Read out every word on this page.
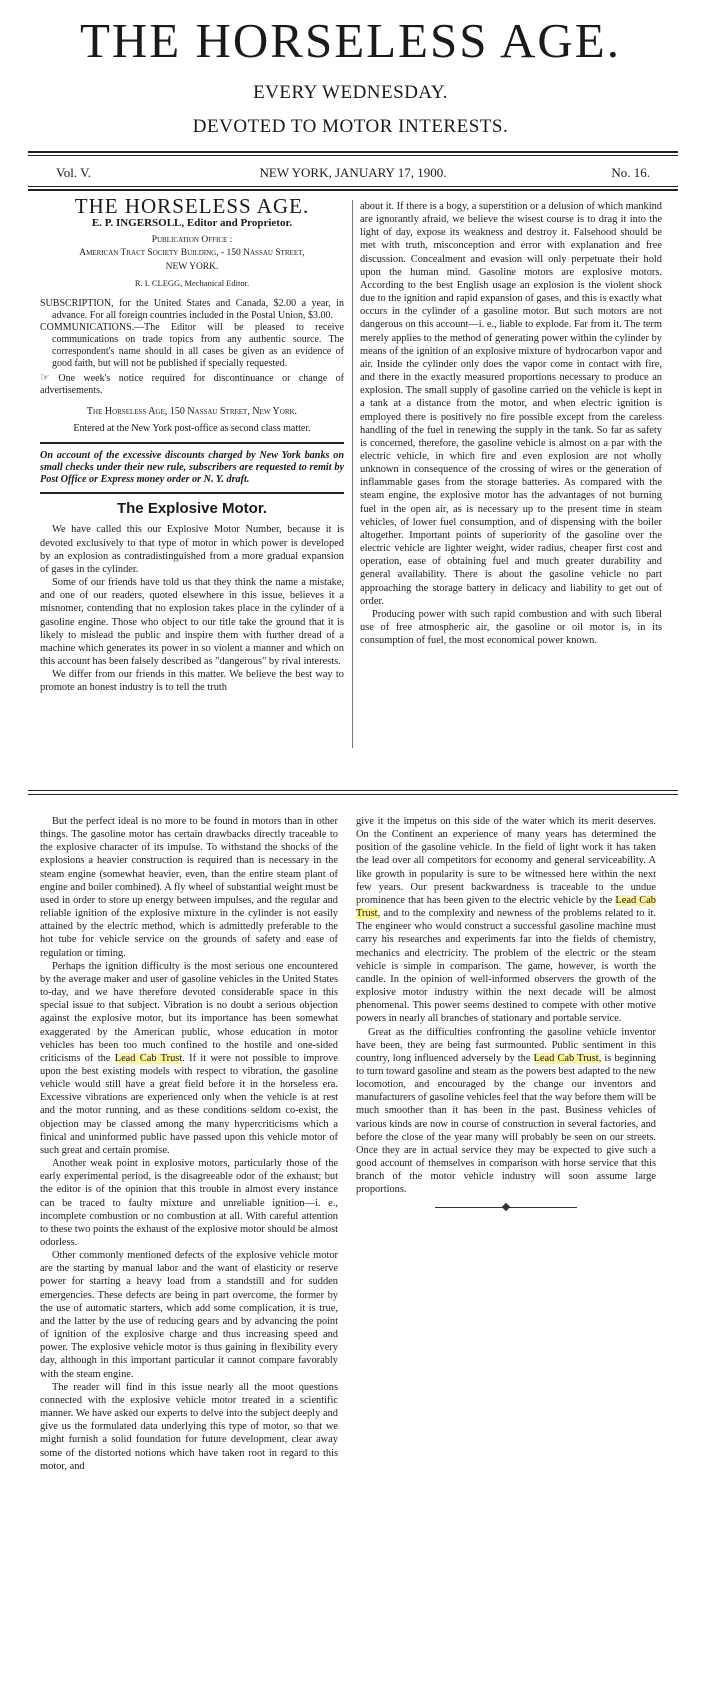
THE HORSELESS AGE.
EVERY WEDNESDAY.
DEVOTED TO MOTOR INTERESTS.
Vol. V.	NEW YORK, JANUARY 17, 1900.	No. 16.
THE HORSELESS AGE.
E. P. INGERSOLL, Editor and Proprietor.
Publication Office :
American Tract Society Building, - 150 Nassau Street,
NEW YORK.
R. I. CLEGG, Mechanical Editor.
SUBSCRIPTION, for the United States and Canada, $2.00 a year, in advance. For all foreign countries included in the Postal Union, $3.00.
COMMUNICATIONS.—The Editor will be pleased to receive communications on trade topics from any authentic source. The correspondent's name should in all cases be given as an evidence of good faith, but will not be published if specially requested.
☞ One week's notice required for discontinuance or change of advertisements.
The Horseless Age, 150 Nassau Street, New York.
Entered at the New York post-office as second class matter.
On account of the excessive discounts charged by New York banks on small checks under their new rule, subscribers are requested to remit by Post Office or Express money order or N. Y. draft.
The Explosive Motor.

We have called this our Explosive Motor Number, because it is devoted exclusively to that type of motor in which power is developed by an explosion as contradistinguished from a more gradual expansion of gases in the cylinder.

Some of our friends have told us that they think the name a mistake, and one of our readers, quoted elsewhere in this issue, believes it a misnomer, contending that no explosion takes place in the cylinder of a gasoline engine. Those who object to our title take the ground that it is likely to mislead the public and inspire them with further dread of a machine which generates its power in so violent a manner and which on this account has been falsely described as "dangerous" by rival interests.

We differ from our friends in this matter. We believe the best way to promote an honest industry is to tell the truth

about it. If there is a bogy, a superstition or a delusion of which mankind are ignorantly afraid, we believe the wisest course is to drag it into the light of day, expose its weakness and destroy it. Falsehood should be met with truth, misconception and error with explanation and free discussion. Concealment and evasion will only perpetuate their hold upon the human mind. Gasoline motors are explosive motors. According to the best English usage an explosion is the violent shock due to the ignition and rapid expansion of gases, and this is exactly what occurs in the cylinder of a gasoline motor. But such motors are not dangerous on this account—i. e., liable to explode. Far from it. The term merely applies to the method of generating power within the cylinder by means of the ignition of an explosive mixture of hydrocarbon vapor and air. Inside the cylinder only does the vapor come in contact with fire, and there in the exactly measured proportions necessary to produce an explosion. The small supply of gasoline carried on the vehicle is kept in a tank at a distance from the motor, and when electric ignition is employed there is positively no fire possible except from the careless handling of the fuel in renewing the supply in the tank. So far as safety is concerned, therefore, the gasoline vehicle is almost on a par with the electric vehicle, in which fire and even explosion are not wholly unknown in consequence of the crossing of wires or the generation of inflammable gases from the storage batteries. As compared with the steam engine, the explosive motor has the advantages of not burning fuel in the open air, as is necessary up to the present time in steam vehicles, of lower fuel consumption, and of dispensing with the boiler altogether. Important points of superiority of the gasoline over the electric vehicle are lighter weight, wider radius, cheaper first cost and operation, ease of obtaining fuel and much greater durability and general availability. There is about the gasoline vehicle no part approaching the storage battery in delicacy and liability to get out of order.

Producing power with such rapid combustion and with such liberal use of free atmospheric air, the gasoline or oil motor is, in its consumption of fuel, the most economical power known.

But the perfect ideal is no more to be found in motors than in other things. The gasoline motor has certain drawbacks directly traceable to the explosive character of its impulse. To withstand the shocks of the explosions a heavier construction is required than is necessary in the steam engine (somewhat heavier, even, than the entire steam plant of engine and boiler combined). A fly wheel of substantial weight must be used in order to store up energy between impulses, and the regular and reliable ignition of the explosive mixture in the cylinder is not easily attained by the electric method, which is admittedly preferable to the hot tube for vehicle service on the grounds of safety and ease of regulation or timing.

Perhaps the ignition difficulty is the most serious one encountered by the average maker and user of gasoline vehicles in the United States to-day, and we have therefore devoted considerable space in this special issue to that subject. Vibration is no doubt a serious objection against the explosive motor, but its importance has been somewhat exaggerated by the American public, whose education in motor vehicles has been too much confined to the hostile and one-sided criticisms of the Lead Cab Trust. If it were not possible to improve upon the best existing models with respect to vibration, the gasoline vehicle would still have a great field before it in the horseless era. Excessive vibrations are experienced only when the vehicle is at rest and the motor running, and as these conditions seldom co-exist, the objection may be classed among the many hypercriticisms which a finical and uninformed public have passed upon this vehicle motor of such great and certain promise.

Another weak point in explosive motors, particularly those of the early experimental period, is the disagreeable odor of the exhaust; but the editor is of the opinion that this trouble in almost every instance can be traced to faulty mixture and unreliable ignition—i. e., incomplete combustion or no combustion at all. With careful attention to these two points the exhaust of the explosive motor should be almost odorless.

Other commonly mentioned defects of the explosive vehicle motor are the starting by manual labor and the want of elasticity or reserve power for starting a heavy load from a standstill and for sudden emergencies. These defects are being in part overcome, the former by the use of automatic starters, which add some complication, it is true, and the latter by the use of reducing gears and by advancing the point of ignition of the explosive charge and thus increasing speed and power. The explosive vehicle motor is thus gaining in flexibility every day, although in this important particular it cannot compare favorably with the steam engine.

The reader will find in this issue nearly all the moot questions connected with the explosive vehicle motor treated in a scientific manner. We have asked our experts to delve into the subject deeply and give us the formulated data underlying this type of motor, so that we might furnish a solid foundation for future development, clear away some of the distorted notions which have taken root in regard to this motor, and

give it the impetus on this side of the water which its merit deserves. On the Continent an experience of many years has determined the position of the gasoline vehicle. In the field of light work it has taken the lead over all competitors for economy and general serviceability. A like growth in popularity is sure to be witnessed here within the next few years. Our present backwardness is traceable to the undue prominence that has been given to the electric vehicle by the Lead Cab Trust, and to the complexity and newness of the problems related to it. The engineer who would construct a successful gasoline machine must carry his researches and experiments far into the fields of chemistry, mechanics and electricity. The problem of the electric or the steam vehicle is simple in comparison. The game, however, is worth the candle. In the opinion of well-informed observers the growth of the explosive motor industry within the next decade will be almost phenomenal. This power seems destined to compete with other motive powers in nearly all branches of stationary and portable service.

Great as the difficulties confronting the gasoline vehicle inventor have been, they are being fast surmounted. Public sentiment in this country, long influenced adversely by the Lead Cab Trust, is beginning to turn toward gasoline and steam as the powers best adapted to the new locomotion, and encouraged by the change our inventors and manufacturers of gasoline vehicles feel that the way before them will be much smoother than it has been in the past. Business vehicles of various kinds are now in course of construction in several factories, and before the close of the year many will probably be seen on our streets. Once they are in actual service they may be expected to give such a good account of themselves in comparison with horse service that this branch of the motor vehicle industry will soon assume large proportions.
